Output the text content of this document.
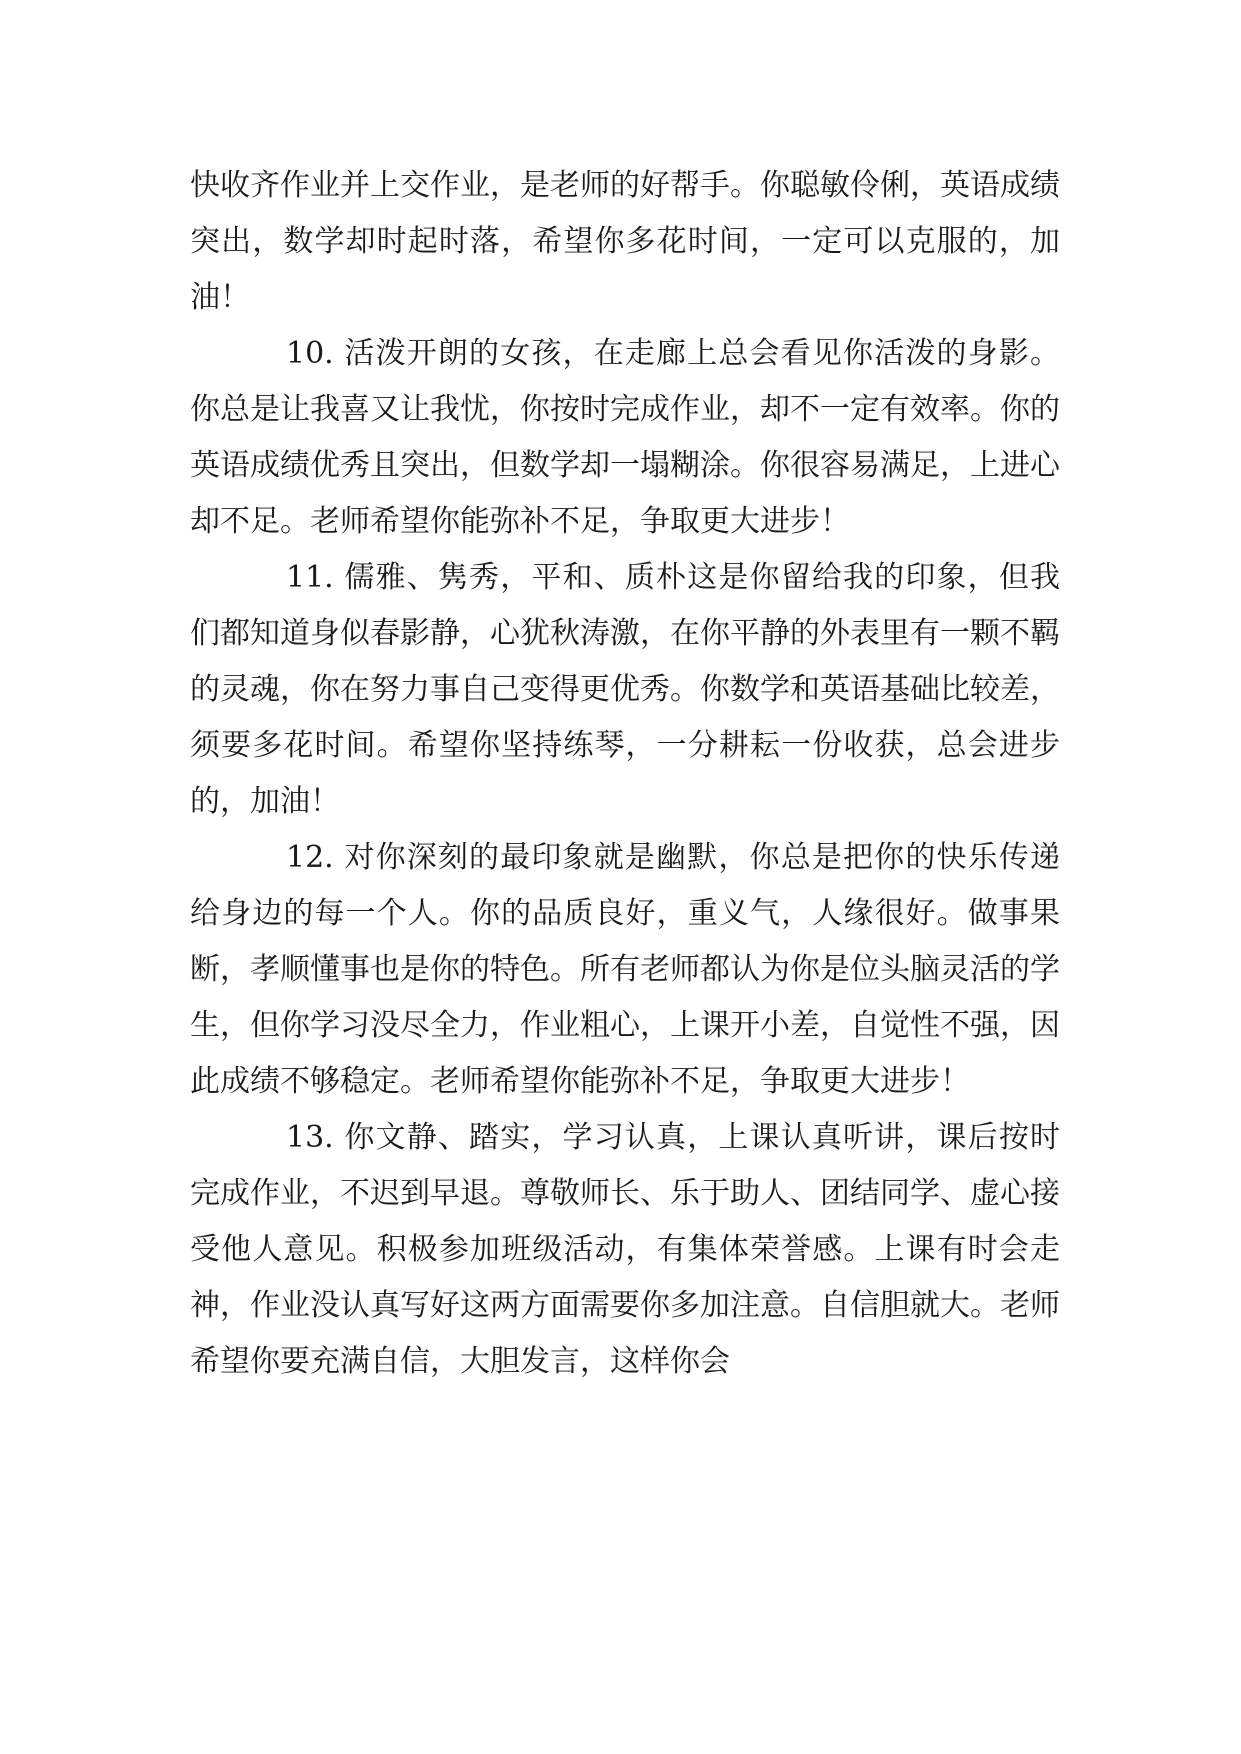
快收齐作业并上交作业，是老师的好帮手。你聪敏伶俐，英语成绩突出，数学却时起时落，希望你多花时间，一定可以克服的，加油！

10. 活泼开朗的女孩，在走廊上总会看见你活泼的身影。你总是让我喜又让我忧，你按时完成作业，却不一定有效率。你的英语成绩优秀且突出，但数学却一塌糊涂。你很容易满足，上进心却不足。老师希望你能弥补不足，争取更大进步！

11. 儒雅、隽秀，平和、质朴这是你留给我的印象，但我们都知道身似春影静，心犹秋涛激，在你平静的外表里有一颗不羁的灵魂，你在努力事自己变得更优秀。你数学和英语基础比较差，须要多花时间。希望你坚持练琴，一分耕耘一份收获，总会进步的，加油！

12. 对你深刻的最印象就是幽默，你总是把你的快乐传递给身边的每一个人。你的品质良好，重义气，人缘很好。做事果断，孝顺懂事也是你的特色。所有老师都认为你是位头脑灵活的学生，但你学习没尽全力，作业粗心，上课开小差，自觉性不强，因此成绩不够稳定。老师希望你能弥补不足，争取更大进步！

13. 你文静、踏实，学习认真，上课认真听讲，课后按时完成作业，不迟到早退。尊敬师长、乐于助人、团结同学、虚心接受他人意见。积极参加班级活动，有集体荣誉感。上课有时会走神，作业没认真写好这两方面需要你多加注意。自信胆就大。老师希望你要充满自信，大胆发言，这样你会
